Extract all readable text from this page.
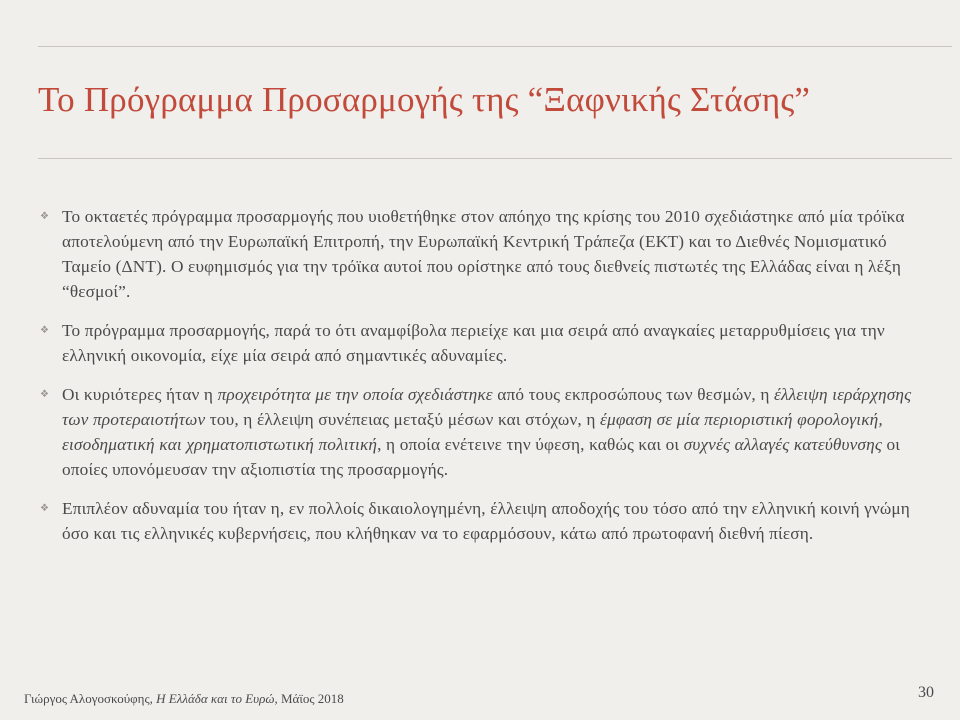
Το Πρόγραμμα Προσαρμογής της “Ξαφνικής Στάσης”
❖ Το οκταετές πρόγραμμα προσαρμογής που υιοθετήθηκε στον απόηχο της κρίσης του 2010 σχεδιάστηκε από μία τρόϊκα αποτελούμενη από την Ευρωπαϊκή Επιτροπή, την Ευρωπαϊκή Κεντρική Τράπεζα (ΕΚΤ) και το Διεθνές Νομισματικό Ταμείο (ΔΝΤ). Ο ευφημισμός για την τρόϊκα αυτοί που ορίστηκε από τους διεθνείς πιστωτές της Ελλάδας είναι η λέξη “θεσμοί”.
❖ Το πρόγραμμα προσαρμογής, παρά το ότι αναμφίβολα περιείχε και μια σειρά από αναγκαίες μεταρρυθμίσεις για την ελληνική οικονομία, είχε μία σειρά από σημαντικές αδυναμίες.
❖ Οι κυριότερες ήταν η προχειρότητα με την οποία σχεδιάστηκε από τους εκπροσώπους των θεσμών, η έλλειψη ιεράρχησης των προτεραιοτήτων του, η έλλειψη συνέπειας μεταξύ μέσων και στόχων, η έμφαση σε μία περιοριστική φορολογική, εισοδηματική και χρηματοπιστωτική πολιτική, η οποία ενέτεινε την ύφεση, καθώς και οι συχνές αλλαγές κατεύθυνσης οι οποίες υπονόμευσαν την αξιοπιστία της προσαρμογής.
❖ Επιπλέον αδυναμία του ήταν η, εν πολλοίς δικαιολογημένη, έλλειψη αποδοχής του τόσο από την ελληνική κοινή γνώμη όσο και τις ελληνικές κυβερνήσεις, που κλήθηκαν να το εφαρμόσουν, κάτω από πρωτοφανή διεθνή πίεση.
Γιώργος Αλογοσκούφης, Η Ελλάδα και το Ευρώ, Μάϊος 2018	30
